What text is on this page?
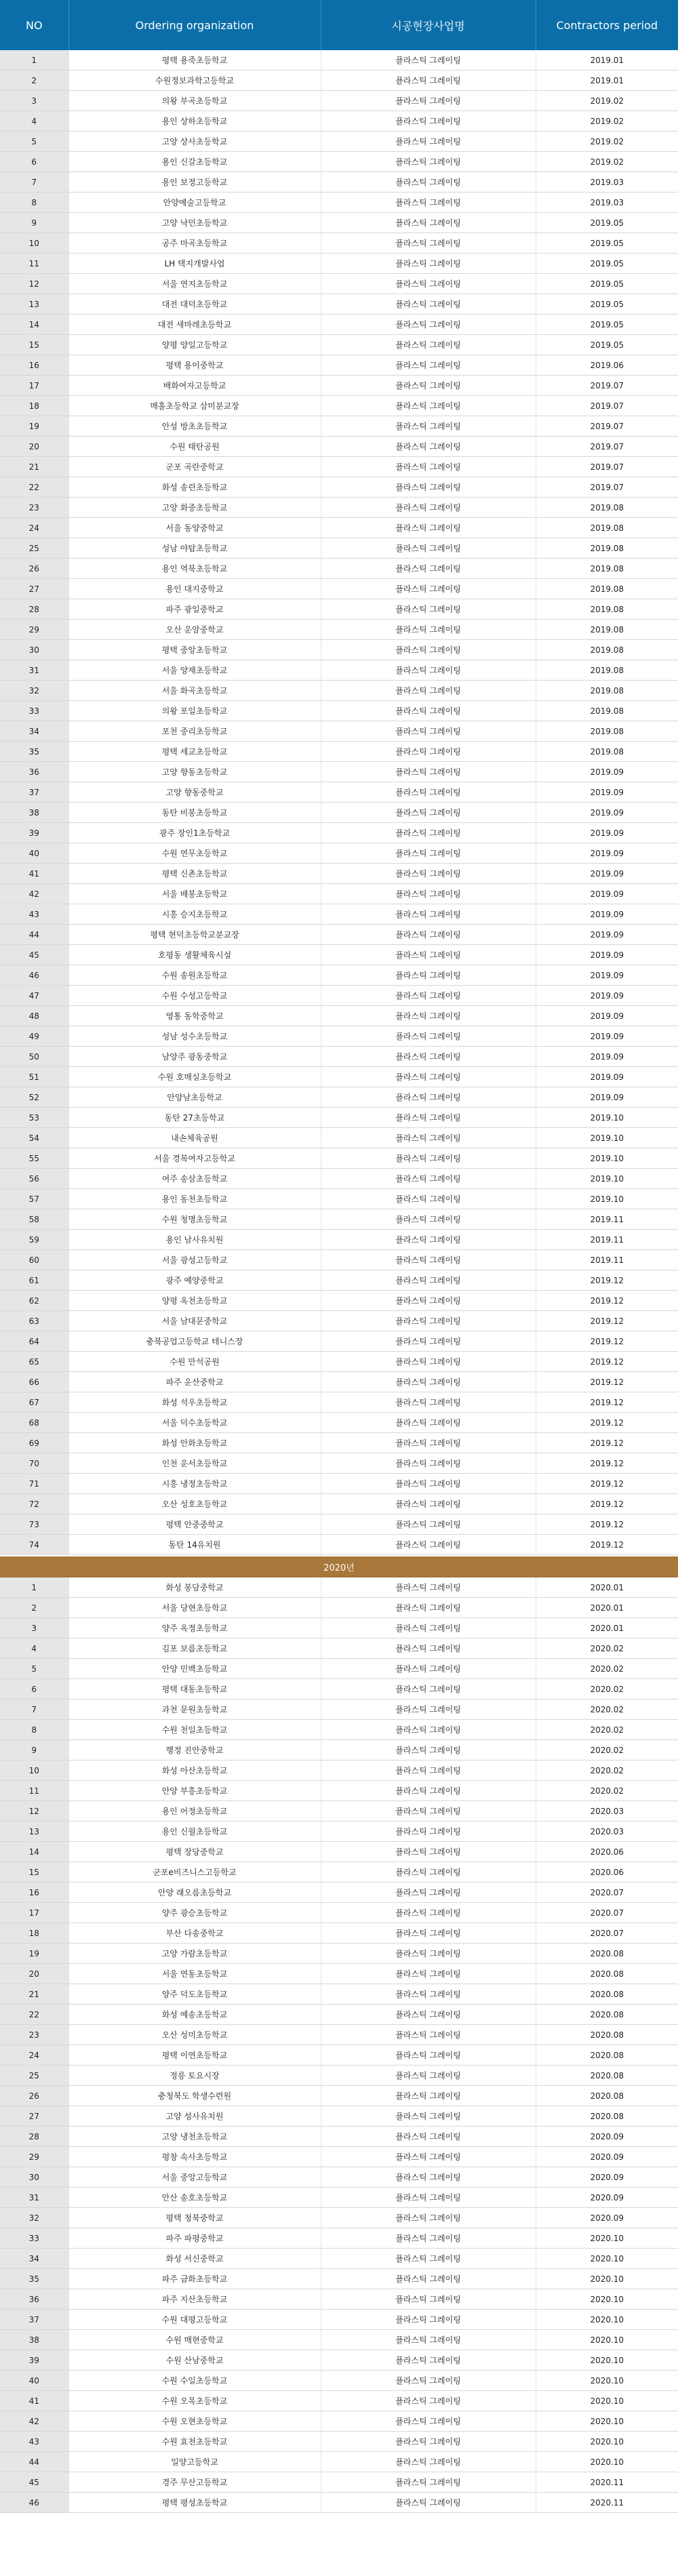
NO	Ordering organization	시공현장사업명	Contractors period
1	평택 용죽초등학교	플라스틱 그레이팅	2019.01
2	수원정보과학고등학교	플라스틱 그레이팅	2019.01
3	의왕 부곡초등학교	플라스틱 그레이팅	2019.02
4	용인 상하초등학교	플라스틱 그레이팅	2019.02
5	고양 상사초등학교	플라스틱 그레이팅	2019.02
6	용인 신갈초등학교	플라스틱 그레이팅	2019.02
7	용인 보정고등학교	플라스틱 그레이팅	2019.03
8	안양예술고등학교	플라스틱 그레이팅	2019.03
9	고양 낙민초등학교	플라스틱 그레이팅	2019.05
10	공주 마곡초등학교	플라스틱 그레이팅	2019.05
11	LH 택지개발사업	플라스틱 그레이팅	2019.05
12	서울 연지초등학교	플라스틱 그레이팅	2019.05
13	대전 대덕초등학교	플라스틱 그레이팅	2019.05
14	대전 새마레초등학교	플라스틱 그레이팅	2019.05
15	양평 양일고등학교	플라스틱 그레이팅	2019.05
16	평택 용이중학교	플라스틱 그레이팅	2019.06
17	배화여자고등학교	플라스틱 그레이팅	2019.07
18	매홀초등학교 삼미분교장	플라스틱 그레이팅	2019.07
19	안성 방초초등학교	플라스틱 그레이팅	2019.07
20	수원 태탄공원	플라스틱 그레이팅	2019.07
21	군포 곡란중학교	플라스틱 그레이팅	2019.07
22	화성 송린초등학교	플라스틱 그레이팅	2019.07
23	고양 화중초등학교	플라스틱 그레이팅	2019.08
24	서울 동양중학교	플라스틱 그레이팅	2019.08
25	성남 야탑초등학교	플라스틱 그레이팅	2019.08
26	용인 역북초등학교	플라스틱 그레이팅	2019.08
27	용인 대지중학교	플라스틱 그레이팅	2019.08
28	파주 광일중학교	플라스틱 그레이팅	2019.08
29	오산 운암중학교	플라스틱 그레이팅	2019.08
30	평택 중앙초등학교	플라스틱 그레이팅	2019.08
31	서울 양재초등학교	플라스틱 그레이팅	2019.08
32	서울 화곡초등학교	플라스틱 그레이팅	2019.08
33	의왕 포일초등학교	플라스틱 그레이팅	2019.08
34	포천 중리초등학교	플라스틱 그레이팅	2019.08
35	평택 세교초등학교	플라스틱 그레이팅	2019.08
36	고양 향동초등학교	플라스틱 그레이팅	2019.09
37	고양 향동중학교	플라스틱 그레이팅	2019.09
38	동탄 비봉초등학교	플라스틱 그레이팅	2019.09
39	광주 장인1초등학교	플라스틱 그레이팅	2019.09
40	수원 연무초등학교	플라스틱 그레이팅	2019.09
41	평택 신촌초등학교	플라스틱 그레이팅	2019.09
42	서울 배봉초등학교	플라스틱 그레이팅	2019.09
43	시흥 승지초등학교	플라스틱 그레이팅	2019.09
44	평택 현덕초등학교분교장	플라스틱 그레이팅	2019.09
45	호평동 생활체육시설	플라스틱 그레이팅	2019.09
46	수원 송원초등학교	플라스틱 그레이팅	2019.09
47	수원 수성고등학교	플라스틱 그레이팅	2019.09
48	영통 동학중학교	플라스틱 그레이팅	2019.09
49	성남 성수초등학교	플라스틱 그레이팅	2019.09
50	남양주 광동중학교	플라스틱 그레이팅	2019.09
51	수원 호매실초등학교	플라스틱 그레이팅	2019.09
52	안양남초등학교	플라스틱 그레이팅	2019.09
53	동탄 27초등학교	플라스틱 그레이팅	2019.10
54	내손체육공원	플라스틱 그레이팅	2019.10
55	서울 경복여자고등학교	플라스틱 그레이팅	2019.10
56	여주 송삼초등학교	플라스틱 그레이팅	2019.10
57	용인 동천초등학교	플라스틱 그레이팅	2019.10
58	수원 청명초등학교	플라스틱 그레이팅	2019.11
59	용인 남사유치원	플라스틱 그레이팅	2019.11
60	서울 광성고등학교	플라스틱 그레이팅	2019.11
61	광주 예양중학교	플라스틱 그레이팅	2019.12
62	양평 옥천초등학교	플라스틱 그레이팅	2019.12
63	서울 남대문중학교	플라스틱 그레이팅	2019.12
64	충북공업고등학교 테니스장	플라스틱 그레이팅	2019.12
65	수원 만석공원	플라스틱 그레이팅	2019.12
66	파주 운산중학교	플라스틱 그레이팅	2019.12
67	화성 석우초등학교	플라스틱 그레이팅	2019.12
68	서울 덕수초등학교	플라스틱 그레이팅	2019.12
69	화성 안화초등학교	플라스틱 그레이팅	2019.12
70	인천 운서초등학교	플라스틱 그레이팅	2019.12
71	시흥 냉정초등학교	플라스틱 그레이팅	2019.12
72	오산 성호초등학교	플라스틱 그레이팅	2019.12
73	평택 안중중학교	플라스틱 그레이팅	2019.12
74	동탄 14유치원	플라스틱 그레이팅	2019.12

2020년			
1	화성 봉담중학교	플라스틱 그레이팅	2020.01
2	서울 당현초등학교	플라스틱 그레이팅	2020.01
3	양주 옥정초등학교	플라스틱 그레이팅	2020.01
4	김포 보름초등학교	플라스틱 그레이팅	2020.02
5	안양 민백초등학교	플라스틱 그레이팅	2020.02
6	평택 대동초등학교	플라스틱 그레이팅	2020.02
7	과천 문원초등학교	플라스틱 그레이팅	2020.02
8	수원 천일초등학교	플라스틱 그레이팅	2020.02
9	행정 진안중학교	플라스틱 그레이팅	2020.02
10	화성 아산초등학교	플라스틱 그레이팅	2020.02
11	안양 부흥초등학교	플라스틱 그레이팅	2020.02
12	용인 어정초등학교	플라스틱 그레이팅	2020.03
13	용인 신월초등학교	플라스틱 그레이팅	2020.03
14	평택 장당중학교	플라스틱 그레이팅	2020.06
15	군포e비즈니스고등학교	플라스틱 그레이팅	2020.06
16	안양 래오름초등학교	플라스틱 그레이팅	2020.07
17	양주 광승초등학교	플라스틱 그레이팅	2020.07
18	부산 다송중학교	플라스틱 그레이팅	2020.07
19	고양 가람초등학교	플라스틱 그레이팅	2020.08
20	서울 연동초등학교	플라스틱 그레이팅	2020.08
21	양주 덕도초등학교	플라스틱 그레이팅	2020.08
22	화성 예송초등학교	플라스틱 그레이팅	2020.08
23	오산 성미초등학교	플라스틱 그레이팅	2020.08
24	평택 이연초등학교	플라스틱 그레이팅	2020.08
25	정릉 토요시장	플라스틱 그레이팅	2020.08
26	충청북도 학생수련원	플라스틱 그레이팅	2020.08
27	고양 성사유치원	플라스틱 그레이팅	2020.08
28	고양 냉천초등학교	플라스틱 그레이팅	2020.09
29	평창 속사초등학교	플라스틱 그레이팅	2020.09
30	서울 중앙고등학교	플라스틱 그레이팅	2020.09
31	안산 송호초등학교	플라스틱 그레이팅	2020.09
32	평택 청북중학교	플라스틱 그레이팅	2020.09
33	파주 파평중학교	플라스틱 그레이팅	2020.10
34	화성 서신중학교	플라스틱 그레이팅	2020.10
35	파주 금화초등학교	플라스틱 그레이팅	2020.10
36	파주 지산초등학교	플라스틱 그레이팅	2020.10
37	수원 대평고등학교	플라스틱 그레이팅	2020.10
38	수원 매현중학교	플라스틱 그레이팅	2020.10
39	수원 산남중학교	플라스틱 그레이팅	2020.10
40	수원 수일초등학교	플라스틱 그레이팅	2020.10
41	수원 오목초등학교	플라스틱 그레이팅	2020.10
42	수원 오현초등학교	플라스틱 그레이팅	2020.10
43	수원 효천초등학교	플라스틱 그레이팅	2020.10
44	일양고등학교	플라스틱 그레이팅	2020.10
45	경주 무산고등학교	플라스틱 그레이팅	2020.11
46	평택 평성초등학교	플라스틱 그레이팅	2020.11
